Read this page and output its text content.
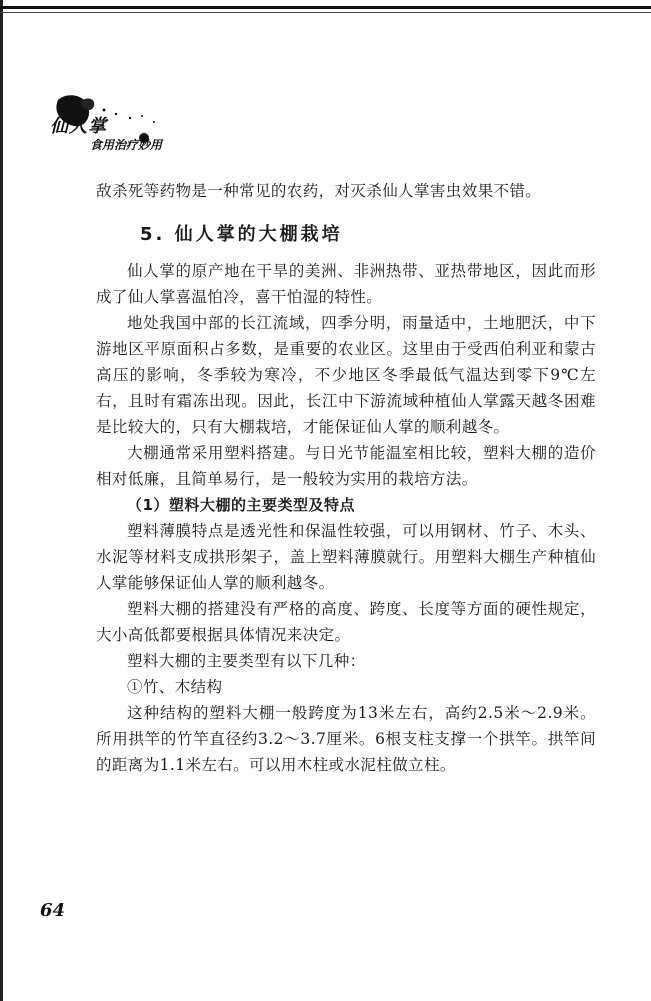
仙人掌
食用治疗妙用

敌杀死等药物是一种常见的农药，对灭杀仙人掌害虫效果不错。

5. 仙人掌的大棚栽培

仙人掌的原产地在干旱的美洲、非洲热带、亚热带地区，因此而形成了仙人掌喜温怕冷，喜干怕湿的特性。

地处我国中部的长江流域，四季分明，雨量适中，土地肥沃，中下游地区平原面积占多数，是重要的农业区。这里由于受西伯利亚和蒙古高压的影响，冬季较为寒冷，不少地区冬季最低气温达到零下9℃左右，且时有霜冻出现。因此，长江中下游流域种植仙人掌露天越冬困难是比较大的，只有大棚栽培，才能保证仙人掌的顺利越冬。

大棚通常采用塑料搭建。与日光节能温室相比较，塑料大棚的造价相对低廉，且简单易行，是一般较为实用的栽培方法。

（1）塑料大棚的主要类型及特点

塑料薄膜特点是透光性和保温性较强，可以用钢材、竹子、木头、水泥等材料支成拱形架子，盖上塑料薄膜就行。用塑料大棚生产种植仙人掌能够保证仙人掌的顺利越冬。

塑料大棚的搭建没有严格的高度、跨度、长度等方面的硬性规定，大小高低都要根据具体情况来决定。

塑料大棚的主要类型有以下几种：

①竹、木结构

这种结构的塑料大棚一般跨度为13米左右，高约2.5米～2.9米。所用拱竿的竹竿直径约3.2～3.7厘米。6根支柱支撑一个拱竿。拱竿间的距离为1.1米左右。可以用木柱或水泥柱做立柱。

64
